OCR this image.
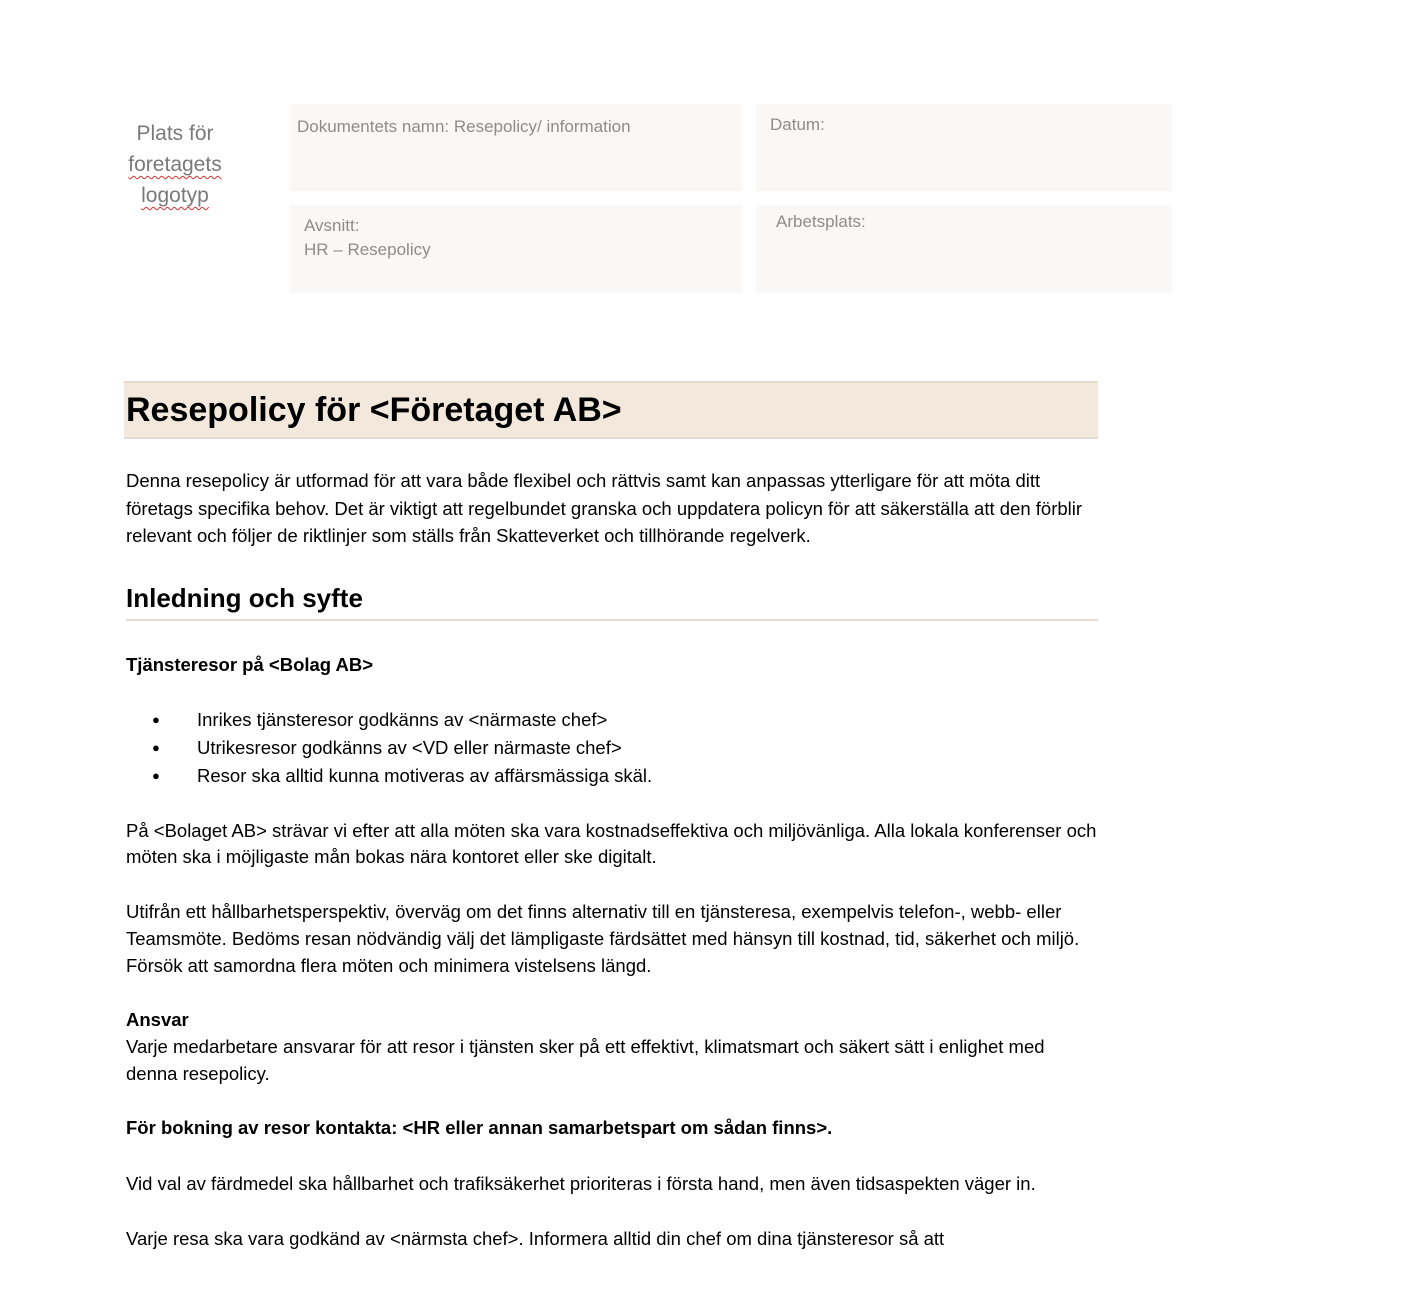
Plats för
foretagets
logotyp
Dokumentets namn: Resepolicy/ information	Datum:
Avsnitt:
HR – Resepolicy
Arbetsplats:
Resepolicy för <Företaget AB>

Denna resepolicy är utformad för att vara både flexibel och rättvis samt kan anpassas ytterligare för att möta ditt företags specifika behov. Det är viktigt att regelbundet granska och uppdatera policyn för att säkerställa att den förblir relevant och följer de riktlinjer som ställs från Skatteverket och tillhörande regelverk.

Inledning och syfte

Tjänsteresor på <Bolag AB>

● Inrikes tjänsteresor godkänns av <närmaste chef>
● Utrikesresor godkänns av <VD eller närmaste chef>
● Resor ska alltid kunna motiveras av affärsmässiga skäl.

På <Bolaget AB> strävar vi efter att alla möten ska vara kostnadseffektiva och miljövänliga. Alla lokala konferenser och möten ska i möjligaste mån bokas nära kontoret eller ske digitalt.

Utifrån ett hållbarhetsperspektiv, överväg om det finns alternativ till en tjänsteresa, exempelvis telefon-, webb- eller Teamsmöte. Bedöms resan nödvändig välj det lämpligaste färdsättet med hänsyn till kostnad, tid, säkerhet och miljö. Försök att samordna flera möten och minimera vistelsens längd.

Ansvar

Varje medarbetare ansvarar för att resor i tjänsten sker på ett effektivt, klimatsmart och säkert sätt i enlighet med denna resepolicy.

För bokning av resor kontakta: <HR eller annan samarbetspart om sådan finns>.

Vid val av färdmedel ska hållbarhet och trafiksäkerhet prioriteras i första hand, men även tidsaspekten väger in.

Varje resa ska vara godkänd av <närmsta chef>. Informera alltid din chef om dina tjänsteresor så att
